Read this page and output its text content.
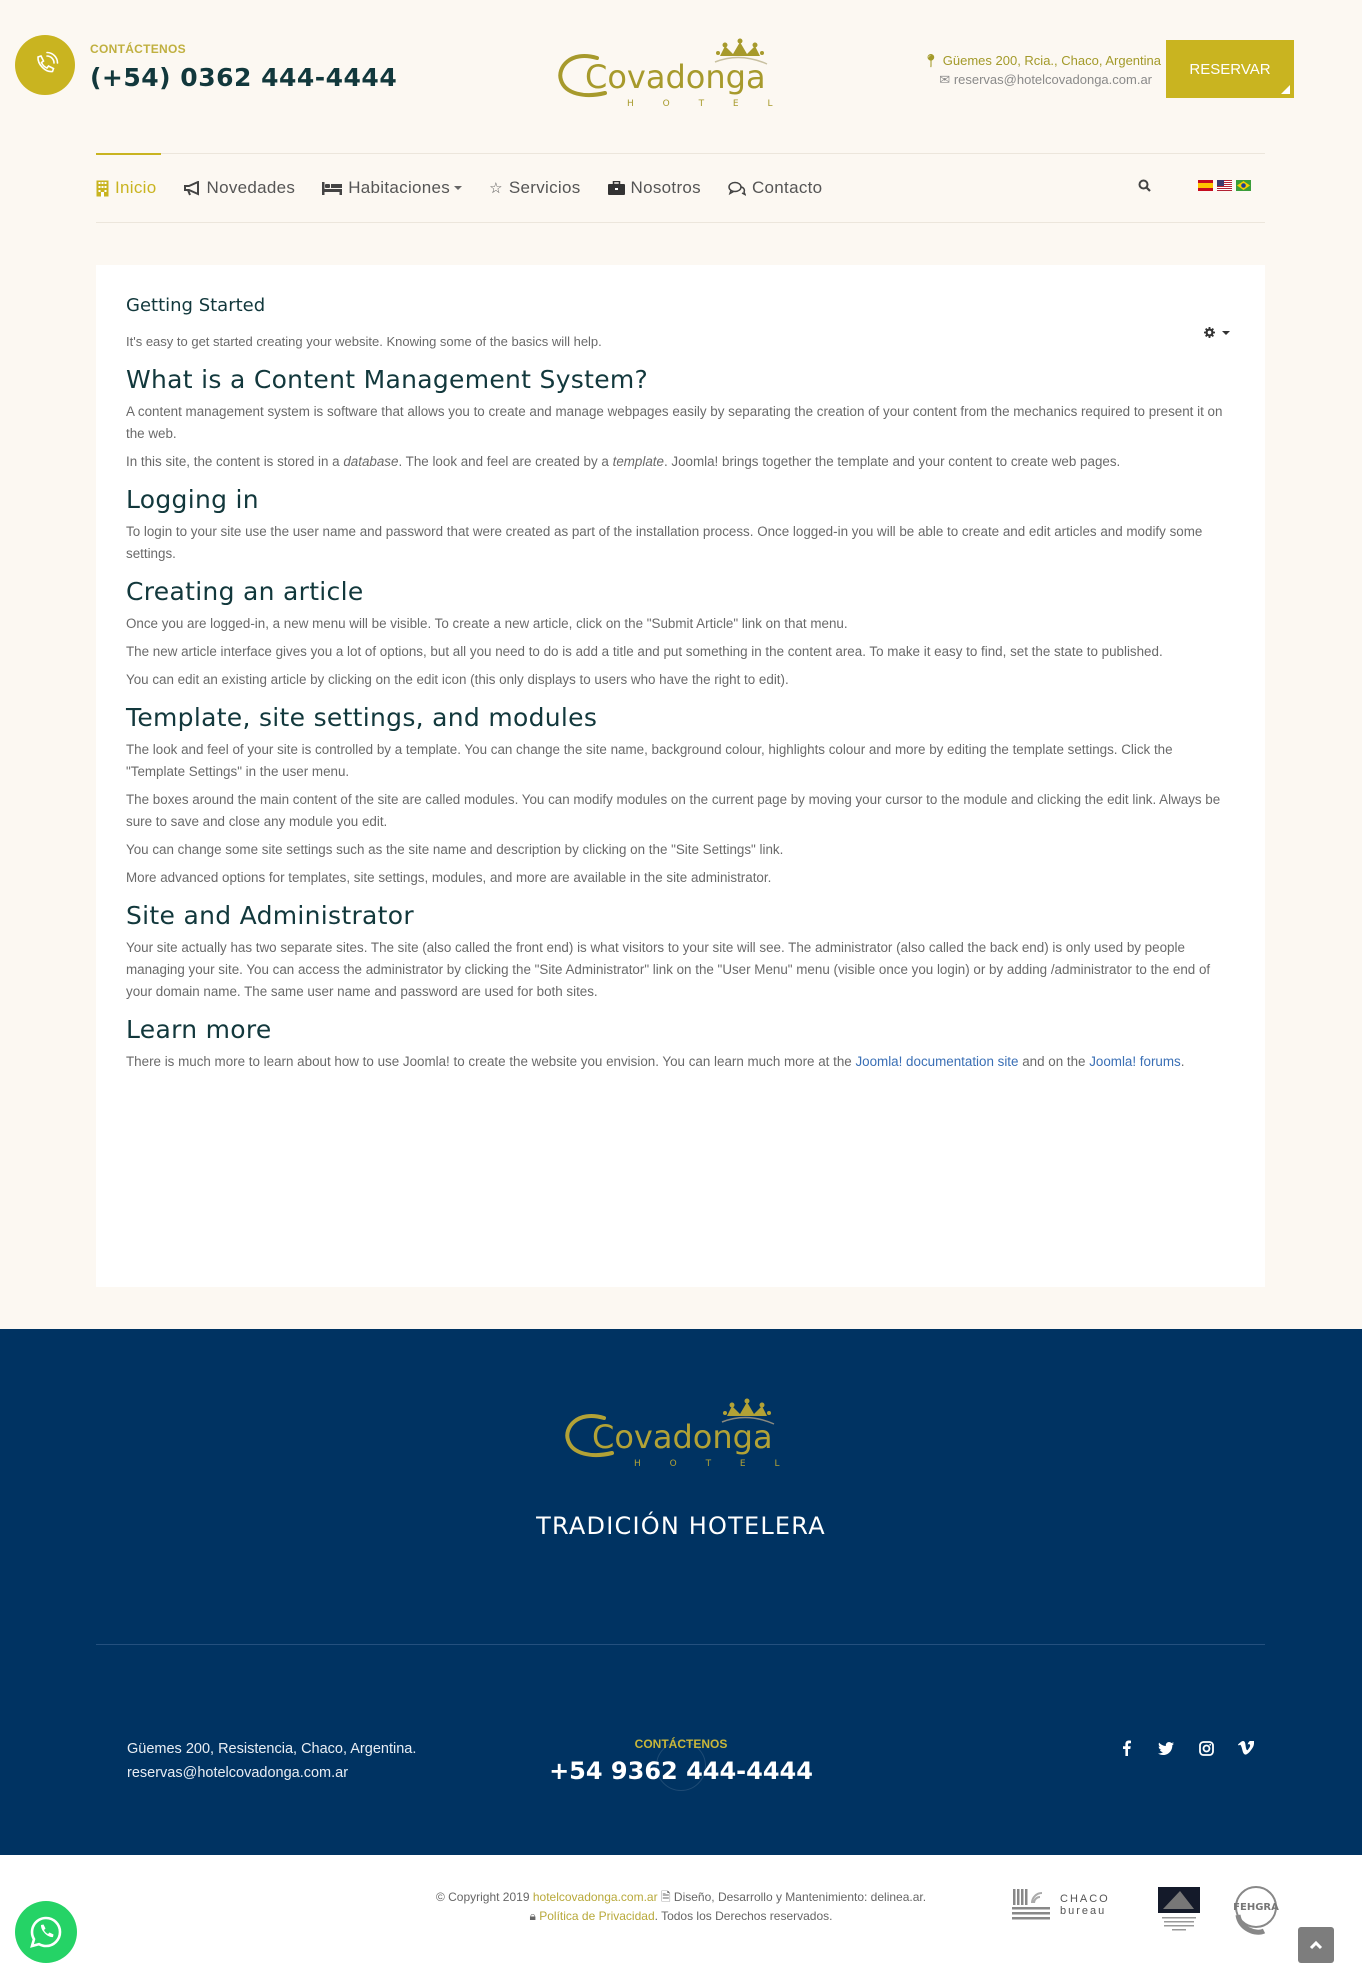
CONTÁCTENOS
(+54) 0362 444-4444	Covadonga
H O T E L
📍︎ Güemes 200, Rcia., Chaco, Argentina
✉ reservas@hotelcovadonga.com.ar
RESERVAR
Inicio	Novedades	Habitaciones	☆ Servicios	Nosotros	Contacto
Getting Started

It's easy to get started creating your website. Knowing some of the basics will help.

What is a Content Management System?

A content management system is software that allows you to create and manage webpages easily by separating the creation of your content from the mechanics required to present it on the web.

In this site, the content is stored in a database. The look and feel are created by a template. Joomla! brings together the template and your content to create web pages.

Logging in

To login to your site use the user name and password that were created as part of the installation process. Once logged-in you will be able to create and edit articles and modify some settings.

Creating an article

Once you are logged-in, a new menu will be visible. To create a new article, click on the "Submit Article" link on that menu.

The new article interface gives you a lot of options, but all you need to do is add a title and put something in the content area. To make it easy to find, set the state to published.

You can edit an existing article by clicking on the edit icon (this only displays to users who have the right to edit).

Template, site settings, and modules

The look and feel of your site is controlled by a template. You can change the site name, background colour, highlights colour and more by editing the template settings. Click the "Template Settings" in the user menu.

The boxes around the main content of the site are called modules. You can modify modules on the current page by moving your cursor to the module and clicking the edit link. Always be sure to save and close any module you edit.

You can change some site settings such as the site name and description by clicking on the "Site Settings" link.

More advanced options for templates, site settings, modules, and more are available in the site administrator.

Site and Administrator

Your site actually has two separate sites. The site (also called the front end) is what visitors to your site will see. The administrator (also called the back end) is only used by people managing your site. You can access the administrator by clicking the "Site Administrator" link on the "User Menu" menu (visible once you login) or by adding /administrator to the end of your domain name. The same user name and password are used for both sites.

Learn more

There is much more to learn about how to use Joomla! to create the website you envision. You can learn much more at the Joomla! documentation site and on the Joomla! forums.

Covadonga
H O T E L
TRADICIÓN HOTELERA
Güemes 200, Resistencia, Chaco, Argentina.
reservas@hotelcovadonga.com.ar
CONTÁCTENOS
+54 9362 444-4444
© Copyright 2019 hotelcovadonga.com.ar 🗎︎ Diseño, Desarrollo y Mantenimiento: delinea.ar.
🔒︎ Política de Privacidad. Todos los Derechos reservados.
CHACO
bureau	FEHGRA
